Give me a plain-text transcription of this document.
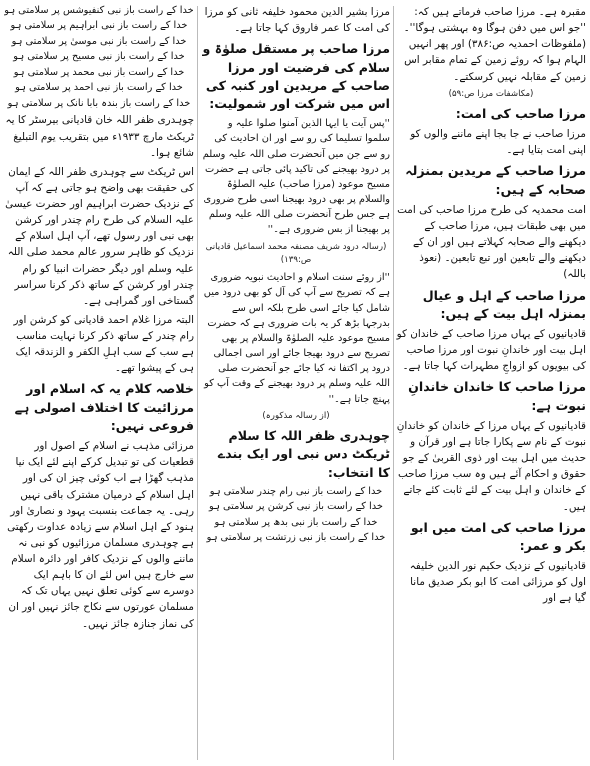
مقبرہ ہے۔ مرزا صاحب فرماتے ہیں کہ: ''جو اس میں دفن ہوگا وہ بہشتی ہوگا''۔ (ملفوظات احمدیہ ص:۳۸۶) اور پھر انہیں الہام ہوا کہ روئے زمین کے تمام مقابر اس زمین کے مقابلہ نہیں کرسکتے۔

(مکاشفات مرزا ص:۵۹)

مرزا صاحب کی امت:

مرزا صاحب نے جا بجا اپنے ماننے والوں کو اپنی امت بتایا ہے۔

مرزا صاحب کے مریدین بمنزلہ صحابہ کے ہیں:

امت محمدیہ کی طرح مرزا صاحب کی امت میں بھی طبقات ہیں، مرزا صاحب کے دیکھنے والے صحابہ کہلاتے ہیں اور ان کے دیکھنے والے تابعین اور تبع تابعین۔ (نعوذ باللہ)

مرزا صاحب کے اہل و عیال بمنزلہ اہل بیت کے ہیں:

قادیانیوں کے یہاں مرزا صاحب کے خاندان کو اہل بیت اور خاندانِ نبوت اور مرزا صاحب کی بیویوں کو ازواجِ مطہرات کہا جاتا ہے۔

مرزا صاحب کا خاندان خاندانِ نبوت ہے:

قادیانیوں کے یہاں مرزا کے خاندان کو خاندانِ نبوت کے نام سے پکارا جاتا ہے اور قرآن و حدیث میں اہل بیت اور ذوی القربیٰ کے جو حقوق و احکام آئے ہیں وہ سب مرزا صاحب کے خاندان و اہل بیت کے لئے ثابت کئے جاتے ہیں۔

مرزا صاحب کی امت میں ابو بکر و عمر:

قادیانیوں کے نزدیک حکیم نور الدین خلیفہ اول کو مرزائی امت کا ابو بکر صدیق مانا گیا ہے اور

مرزا بشیر الدین محمود خلیفہ ثانی کو مرزا کی امت کا عمر فاروق کہا جاتا ہے۔

مرزا صاحب پر مستقل صلوٰۃ و سلام کی فرضیت اور مرزا صاحب کے مریدین اور کنبہ کی اس میں شرکت اور شمولیت:

''پس آیت یا ایہا الذین آمنوا صلوا علیہ و سلموا تسلیما کی رو سے اور ان احادیث کی رو سے جن میں آنحضرت صلی اللہ علیہ وسلم پر درود بھیجنے کی تاکید پائی جاتی ہے حضرت مسیح موعود (مرزا صاحب) علیہ الصلوٰۃ والسلام پر بھی درود بھیجنا اسی طرح ضروری ہے جس طرح آنحضرت صلی اللہ علیہ وسلم پر بھیجنا از بس ضروری ہے۔''

(رسالہ درود شریف مصنفہ محمد اسماعیل قادیانی ص:۱۳۹)

''از روئے سنت اسلام و احادیث نبویہ ضروری ہے کہ تصریح سے آپ کی آل کو بھی درود میں شامل کیا جائے اسی طرح بلکہ اس سے بدرجہا بڑھ کر یہ بات ضروری ہے کہ حضرت مسیح موعود علیہ الصلوٰۃ والسلام پر بھی تصریح سے درود بھیجا جائے اور اسی اجمالی درود پر اکتفا نہ کیا جائے جو آنحضرت صلی اللہ علیہ وسلم پر درود بھیجنے کے وقت آپ کو پہنچ جاتا ہے۔''

(از رسالہ مذکورہ)

چوہدری ظفر اللہ کا سلام ٹریکٹ دس نبی اور ایک بندے کا انتخاب:

خدا کے راست باز نبی رام چندر سلامتی ہو

خدا کے راست باز نبی کرشن پر سلامتی ہو

خدا کے راست باز نبی بدھ پر سلامتی ہو

خدا کے راست باز نبی زرتشت پر سلامتی ہو

خدا کے راست باز نبی کنفیوشس پر سلامتی ہو

خدا کے راست باز نبی ابراہیم پر سلامتی ہو

خدا کے راست باز نبی موسیٰ پر سلامتی ہو

خدا کے راست باز نبی مسیح پر سلامتی ہو

خدا کے راست باز نبی محمد پر سلامتی ہو

خدا کے راست باز نبی احمد پر سلامتی ہو

خدا کے راست باز بندہ بابا نانک پر سلامتی ہو

چوہدری ظفر اللہ خان قادیانی بیرسٹر کا یہ ٹریکٹ مارچ ۱۹۳۳ء میں بتقریب یوم التبلیغ شائع ہوا۔

اس ٹریکٹ سے چوہدری ظفر اللہ کے ایمان کی حقیقت بھی واضح ہو جاتی ہے کہ آپ کے نزدیک حضرت ابراہیم اور حضرت عیسیٰ علیہ السلام کی طرح رام چندر اور کرشن بھی نبی اور رسول تھے، آپ اہل اسلام کے نزدیک کو ظاہر سرور عالم محمد صلی اللہ علیہ وسلم اور دیگر حضرات انبیا کو رام چندر اور کرشن کے ساتھ ذکر کرنا سراسر گستاخی اور گمراہی ہے۔

البتہ مرزا غلام احمد قادیانی کو کرشن اور رام چندر کے ساتھ ذکر کرنا نہایت مناسب ہے سب کے سب اہلِ الکفر و الزندقہ ایک ہی کے پیشوا تھے۔

خلاصہ کلام یہ کہ اسلام اور مرزائیت کا اختلاف اصولی ہے فروعی نہیں:

مرزائی مذہب نے اسلام کے اصول اور قطعیات کی تو تبدیل کرکے اپنے لئے ایک نیا مذہب گھڑا ہے اب کوئی چیز ان کی اور اہل اسلام کے درمیان مشترک باقی نہیں رہی۔ یہ جماعت بنسبت یہود و نصاریٰ اور ہنود کے اہل اسلام سے زیادہ عداوت رکھتی ہے چوہدری مسلمان مرزائیوں کو نبی نہ ماننے والوں کے نزدیک کافر اور دائرہ اسلام سے خارج ہیں اس لئے ان کا باہم ایک دوسرے سے کوئی تعلق نہیں یہاں تک کہ مسلمان عورتوں سے نکاح جائز نہیں اور ان کی نماز جنازہ جائز نہیں۔
